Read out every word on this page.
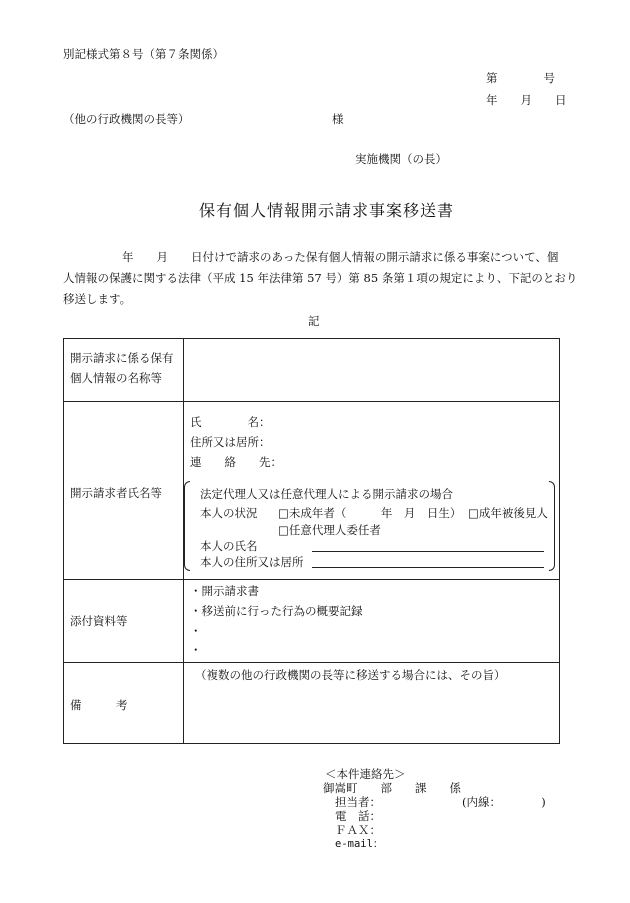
別記様式第８号（第７条関係）
第　　　　号
年　　月　　日
（他の行政機関の長等）	様
実施機関（の長）
保有個人情報開示請求事案移送書
年　　月　　日付けで請求のあった保有個人情報の開示請求に係る事案について、個
人情報の保護に関する法律（平成 15 年法律第 57 号）第 85 条第１項の規定により、下記のとおり
移送します。
記
開示請求に係る保有
個人情報の名称等
開示請求者氏名等
氏　　　　名：
住所又は居所：
連　　絡　　先：
法定代理人又は任意代理人による開示請求の場合
本人の状況 □未成年者（　　　年　月　日生） □成年被後見人
□任意代理人委任者
本人の氏名
本人の住所又は居所
添付資料等
・開示請求書
・移送前に行った行為の概要記録
・
・
備　　　考
（複数の他の行政機関の長等に移送する場合には、その旨）
＜本件連絡先＞
御嵩町　　部　　課　　係
担当者：	(内線：　　　　)
電　話：
ＦＡＸ：
e-mail：
